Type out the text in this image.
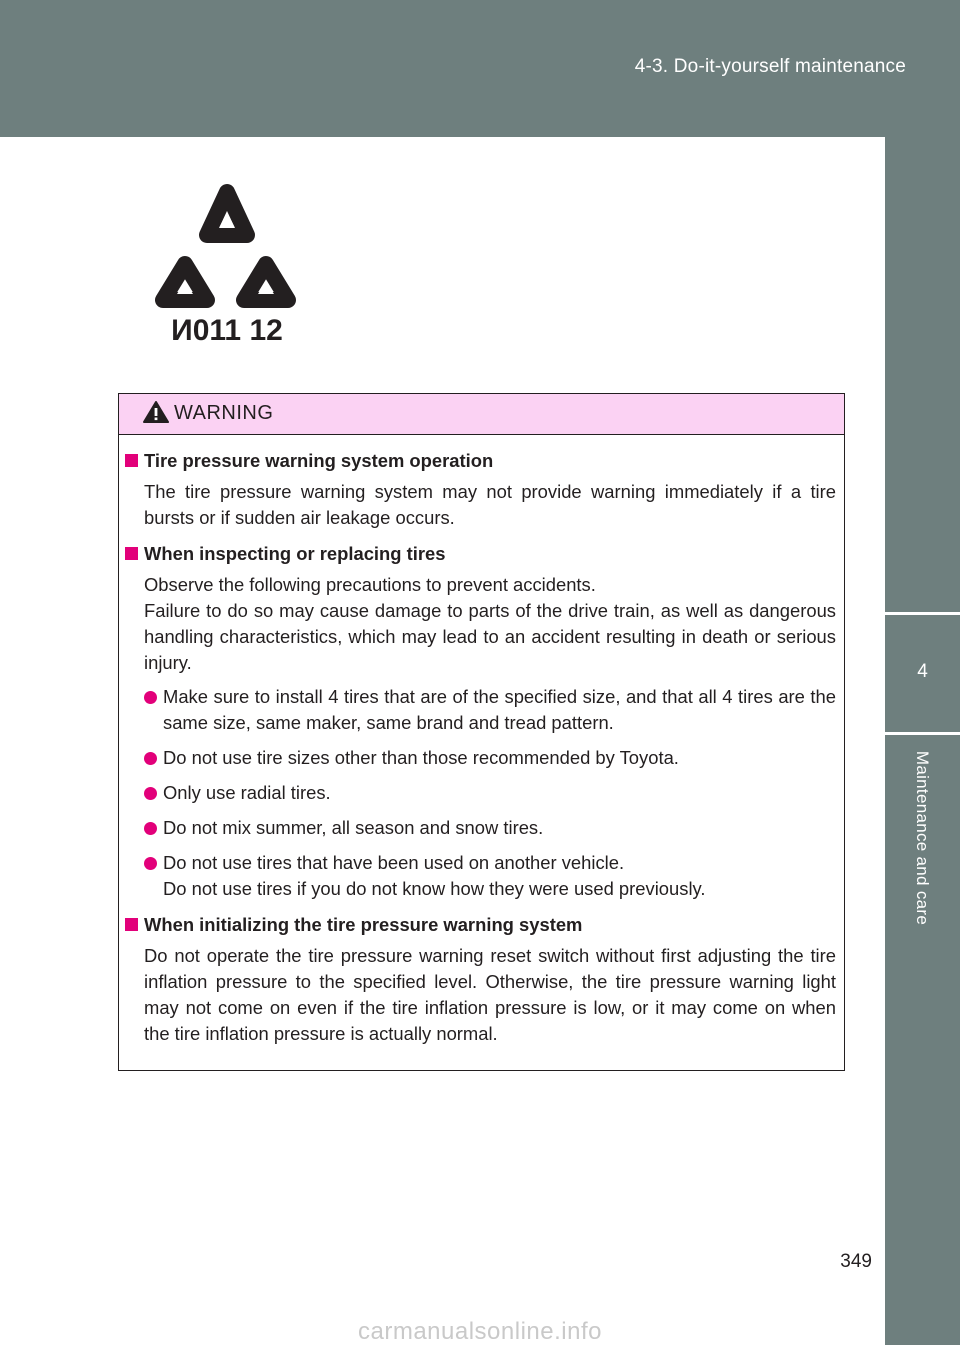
4-3. Do-it-yourself maintenance
4
Maintenance and care
И011 12
WARNING
Tire pressure warning system operation
The tire pressure warning system may not provide warning immediately if a tire bursts or if sudden air leakage occurs.
When inspecting or replacing tires
Observe the following precautions to prevent accidents.
Failure to do so may cause damage to parts of the drive train, as well as dangerous handling characteristics, which may lead to an accident resulting in death or serious injury.
Make sure to install 4 tires that are of the specified size, and that all 4 tires are the same size, same maker, same brand and tread pattern.
Do not use tire sizes other than those recommended by Toyota.
Only use radial tires.
Do not mix summer, all season and snow tires.
Do not use tires that have been used on another vehicle.
Do not use tires if you do not know how they were used previously.
When initializing the tire pressure warning system
Do not operate the tire pressure warning reset switch without first adjusting the tire inflation pressure to the specified level. Otherwise, the tire pressure warning light may not come on even if the tire inflation pressure is low, or it may come on when the tire inflation pressure is actually normal.
349
carmanualsonline.info
